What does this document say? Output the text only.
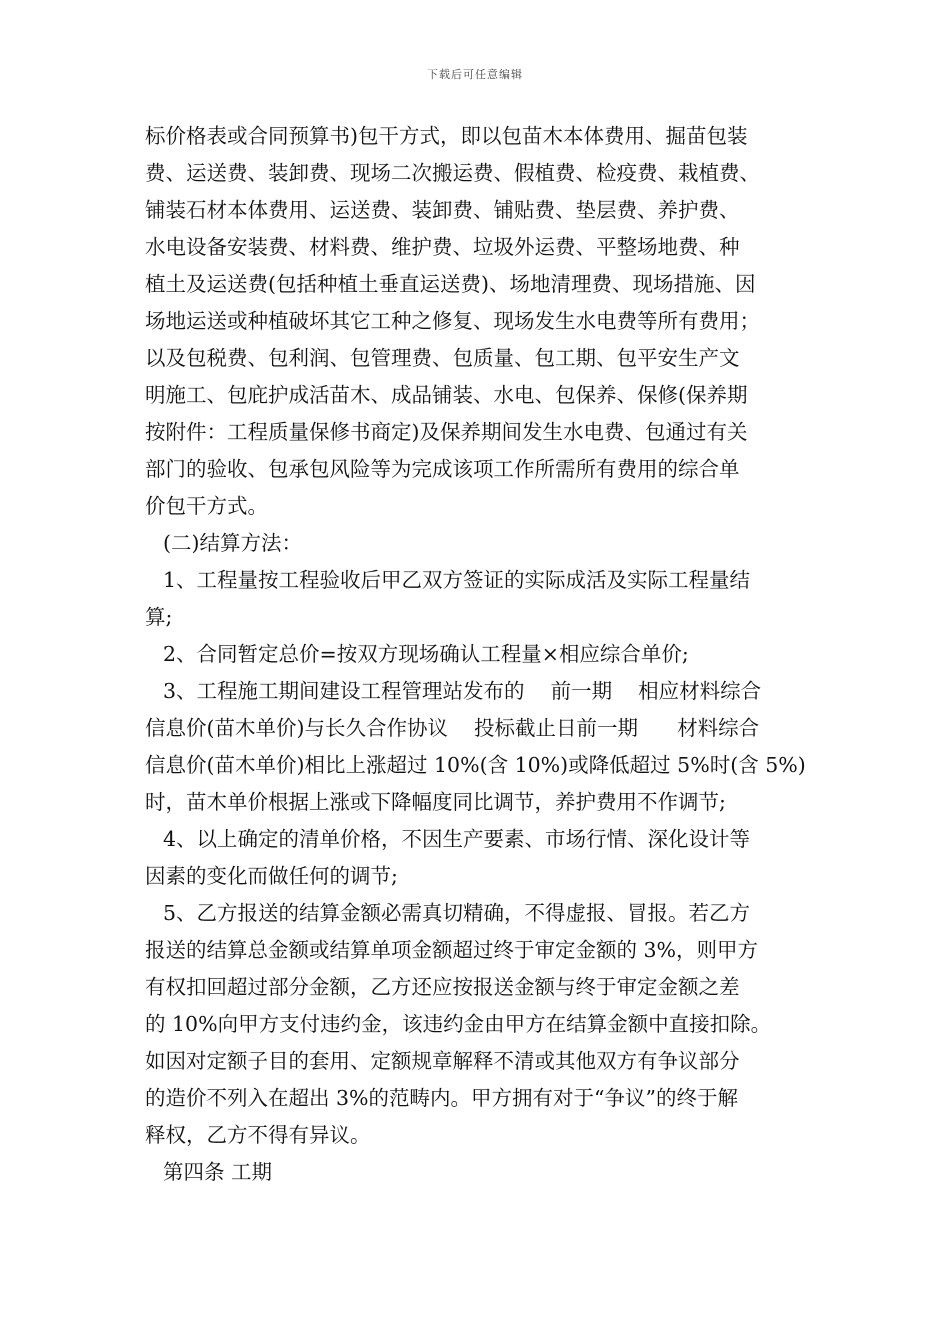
下载后可任意编辑
标价格表或合同预算书)包干方式，即以包苗木本体费用、掘苗包装
费、运送费、装卸费、现场二次搬运费、假植费、检疫费、栽植费、
铺装石材本体费用、运送费、装卸费、铺贴费、垫层费、养护费、
水电设备安装费、材料费、维护费、垃圾外运费、平整场地费、种
植土及运送费(包括种植土垂直运送费)、场地清理费、现场措施、因
场地运送或种植破坏其它工种之修复、现场发生水电费等所有费用；
以及包税费、包利润、包管理费、包质量、包工期、包平安生产文
明施工、包庇护成活苗木、成品铺装、水电、包保养、保修(保养期
按附件：工程质量保修书商定)及保养期间发生水电费、包通过有关
部门的验收、包承包风险等为完成该项工作所需所有费用的综合单
价包干方式。
(二)结算方法：
1、工程量按工程验收后甲乙双方签证的实际成活及实际工程量结
算;
2、合同暂定总价=按双方现场确认工程量×相应综合单价;
3、工程施工期间建设工程管理站发布的    前一期    相应材料综合
信息价(苗木单价)与长久合作协议    投标截止日前一期      材料综合
信息价(苗木单价)相比上涨超过 10%(含 10%)或降低超过 5%时(含 5%)
时，苗木单价根据上涨或下降幅度同比调节，养护费用不作调节;
4、以上确定的清单价格，不因生产要素、市场行情、深化设计等
因素的变化而做任何的调节;
5、乙方报送的结算金额必需真切精确，不得虚报、冒报。若乙方
报送的结算总金额或结算单项金额超过终于审定金额的 3%，则甲方
有权扣回超过部分金额，乙方还应按报送金额与终于审定金额之差
的 10%向甲方支付违约金，该违约金由甲方在结算金额中直接扣除。
如因对定额子目的套用、定额规章解释不清或其他双方有争议部分
的造价不列入在超出 3%的范畴内。甲方拥有对于“争议”的终于解
释权，乙方不得有异议。
第四条 工期
